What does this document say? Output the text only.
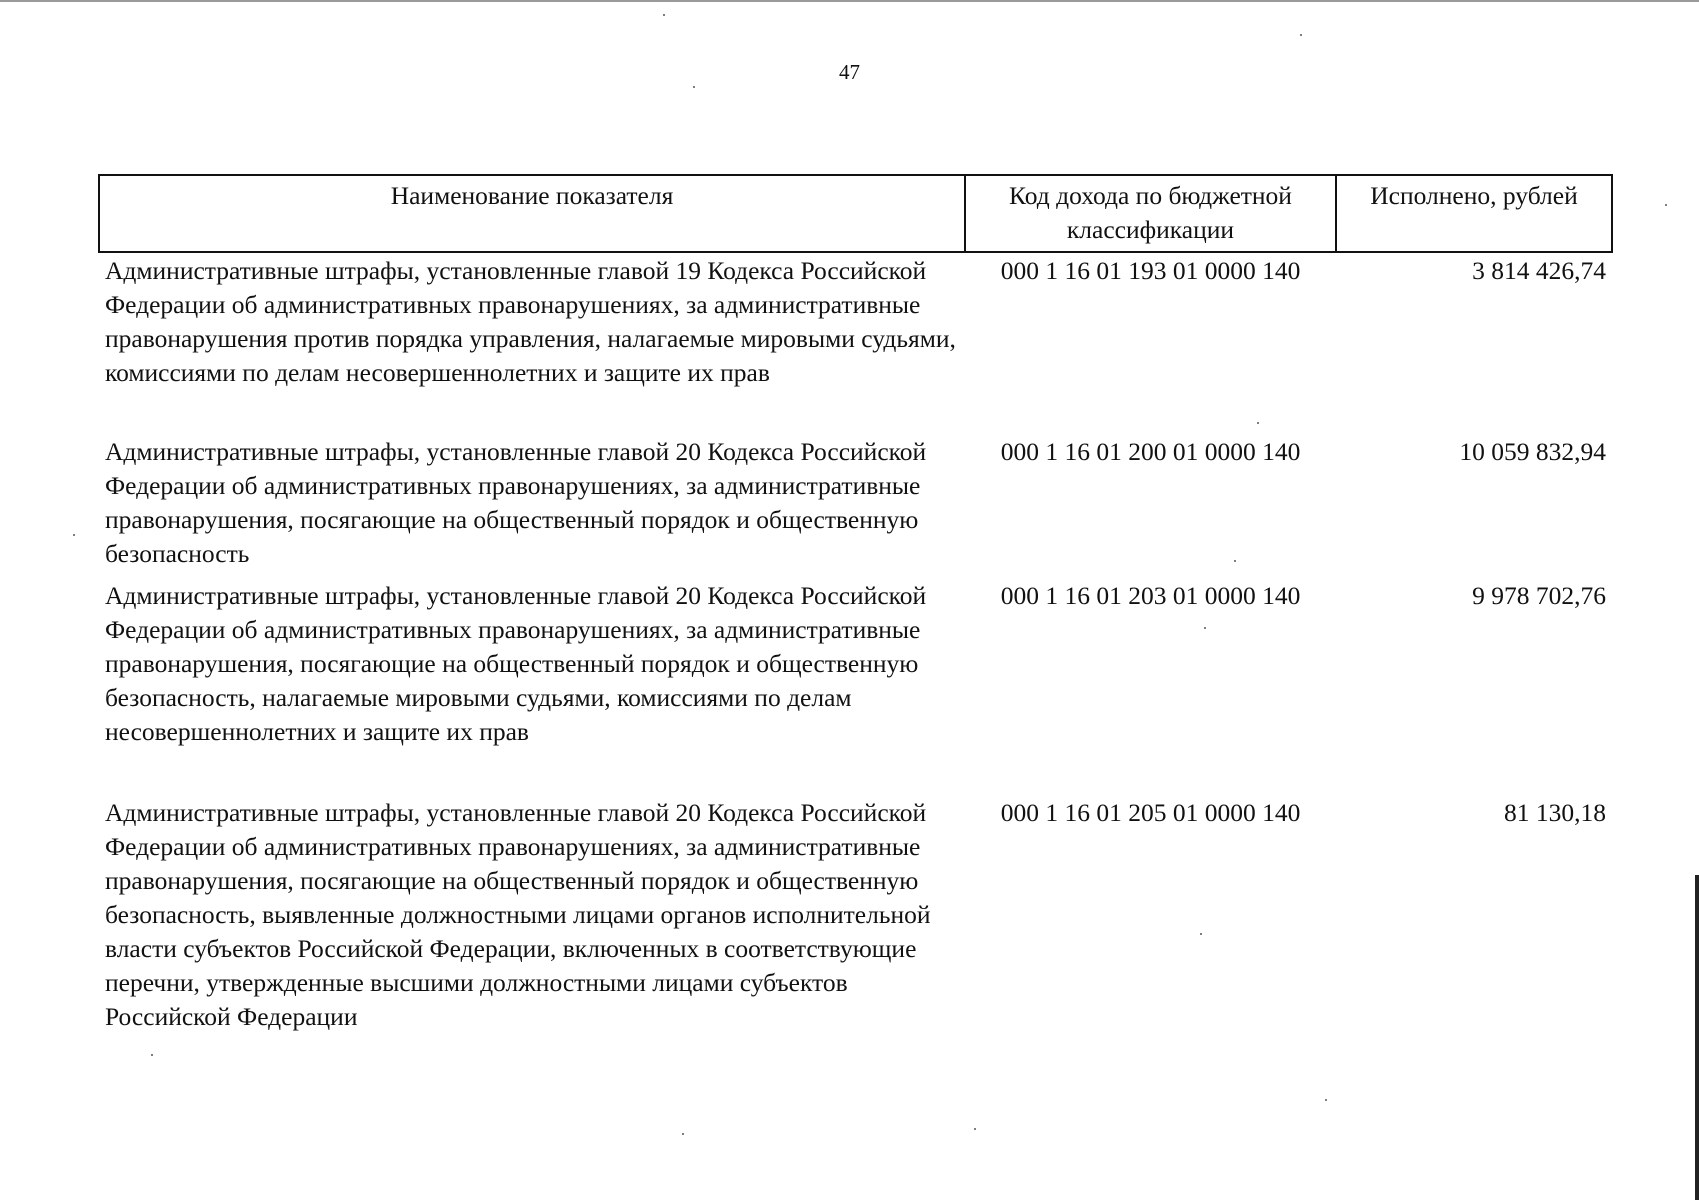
47
Наименование показателя	Код дохода по бюджетной классификации	Исполнено, рублей
Административные штрафы, установленные главой 19 Кодекса Российской Федерации об административных правонарушениях, за административные правонарушения против порядка управления, налагаемые мировыми судьями, комиссиями по делам несовершеннолетних и защите их прав	000 1 16 01 193 01 0000 140	3 814 426,74
Административные штрафы, установленные главой 20 Кодекса Российской Федерации об административных правонарушениях, за административные правонарушения, посягающие на общественный порядок и общественную безопасность	000 1 16 01 200 01 0000 140	10 059 832,94
Административные штрафы, установленные главой 20 Кодекса Российской Федерации об административных правонарушениях, за административные правонарушения, посягающие на общественный порядок и общественную безопасность, налагаемые мировыми судьями, комиссиями по делам несовершеннолетних и защите их прав	000 1 16 01 203 01 0000 140	9 978 702,76
Административные штрафы, установленные главой 20 Кодекса Российской Федерации об административных правонарушениях, за административные правонарушения, посягающие на общественный порядок и общественную безопасность, выявленные должностными лицами органов исполнительной власти субъектов Российской Федерации, включенных в соответствующие перечни, утвержденные высшими должностными лицами субъектов Российской Федерации	000 1 16 01 205 01 0000 140	81 130,18
